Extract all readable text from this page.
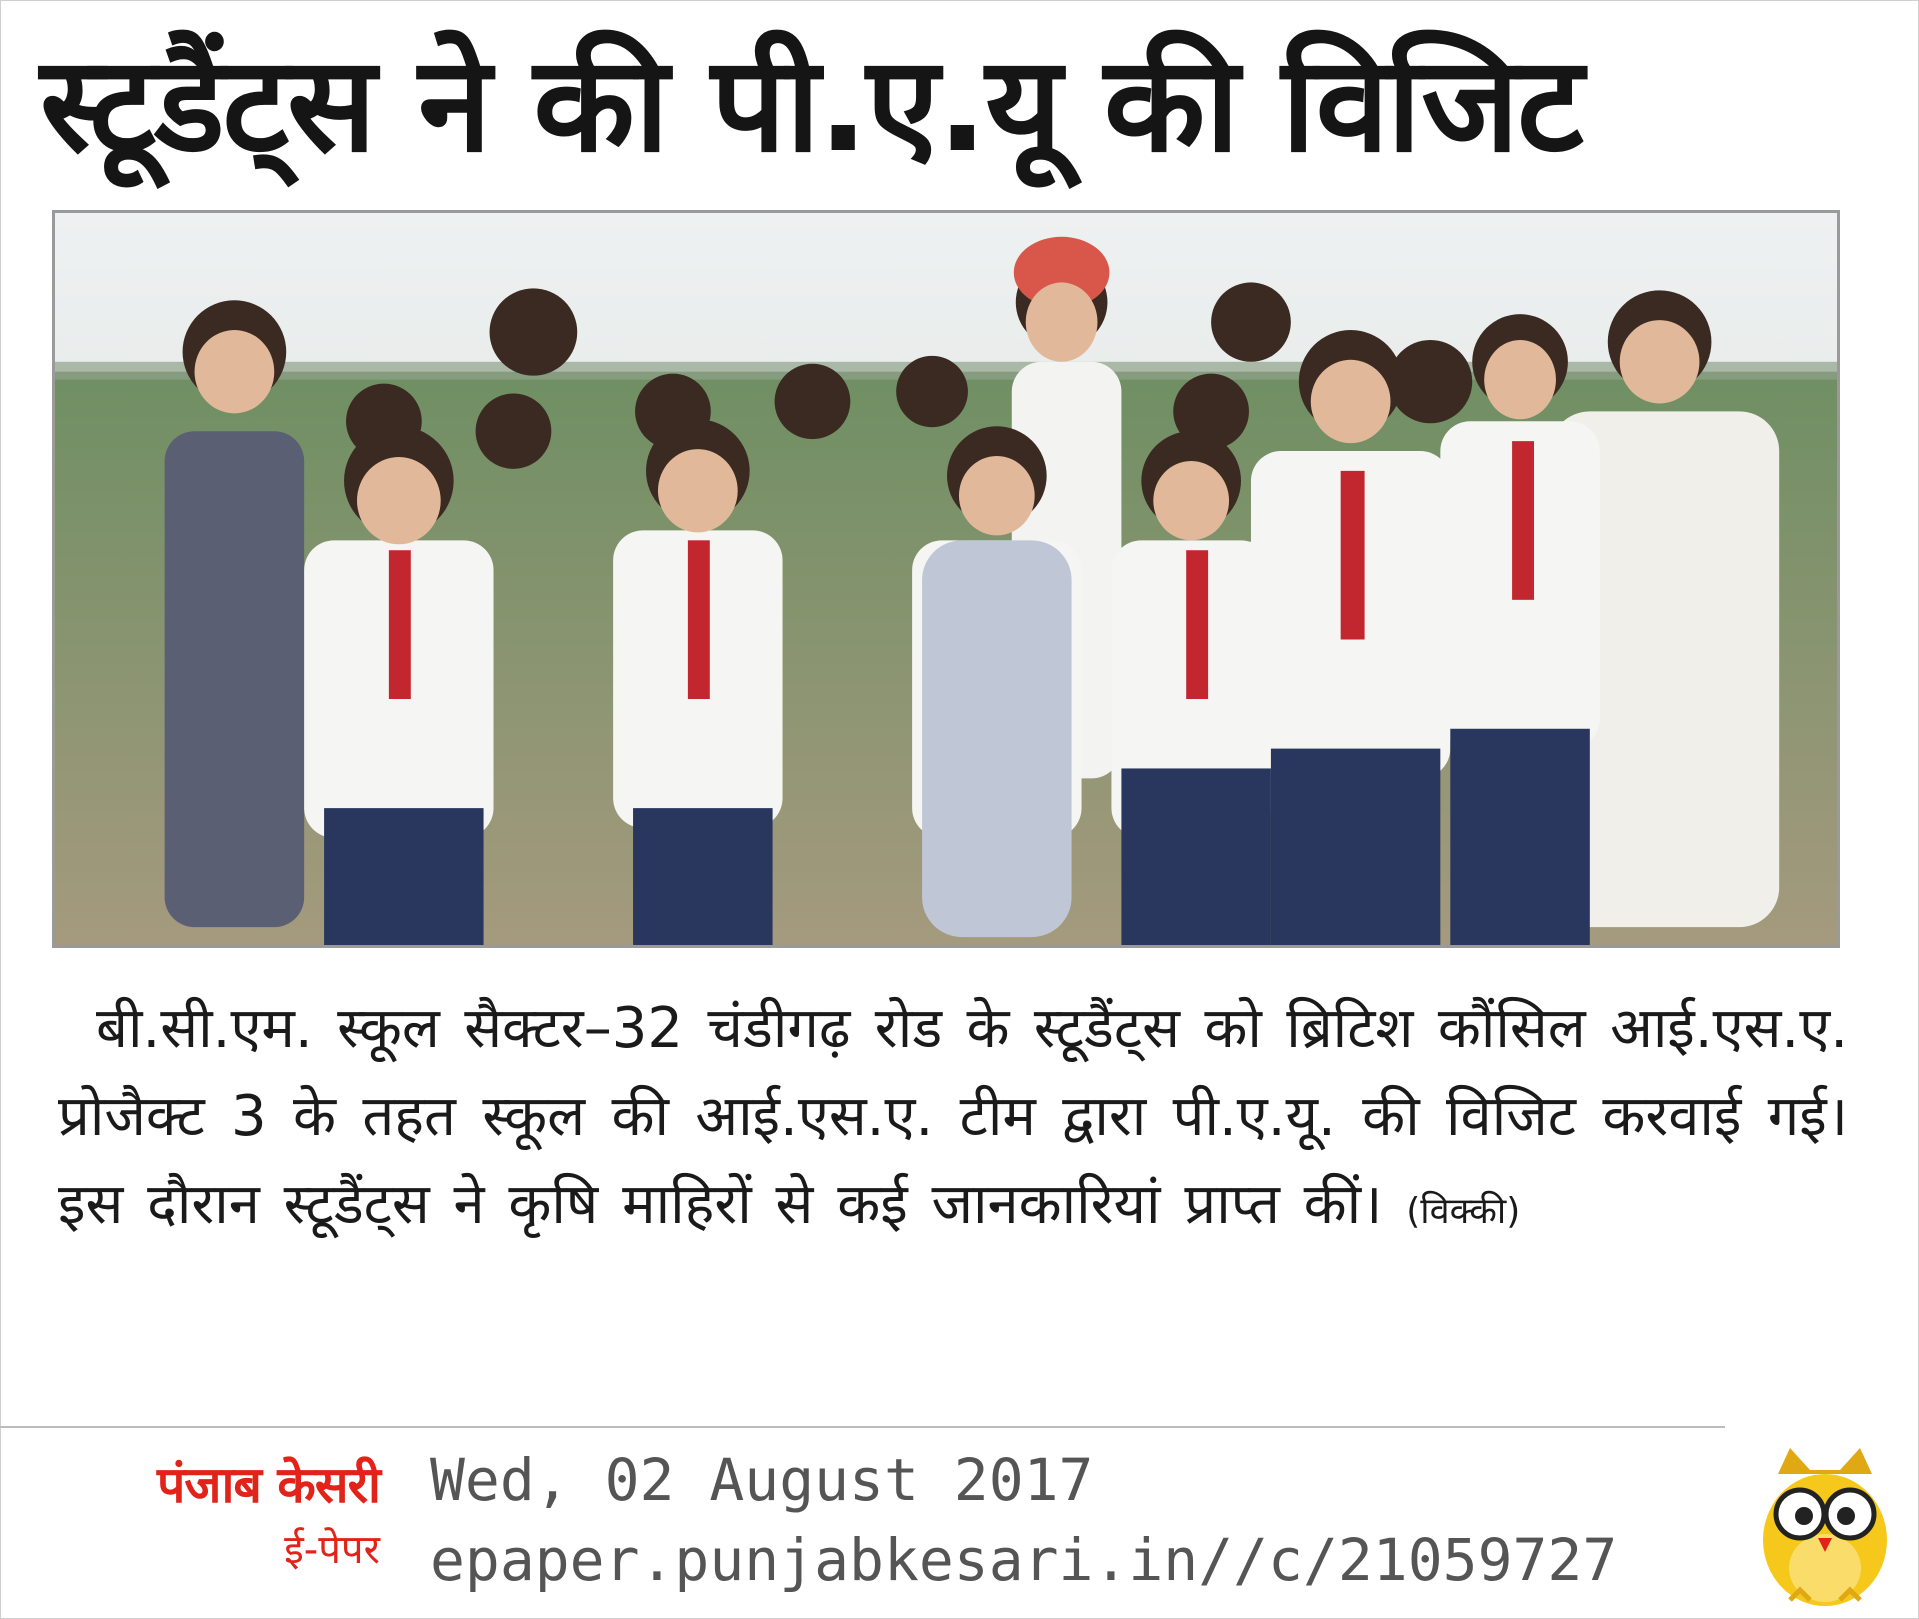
स्टूडैंट्स ने की पी.ए.यू की विजिट
बी.सी.एम. स्कूल सैक्टर–32 चंडीगढ़ रोड के स्टूडैंट्स को ब्रिटिश कौंसिल आई.एस.ए. प्रोजैक्ट 3 के तहत स्कूल की आई.एस.ए. टीम द्वारा पी.ए.यू. की विजिट करवाई गई। इस दौरान स्टूडैंट्स ने कृषि माहिरों से कई जानकारियां प्राप्त कीं। (विक्की)
पंजाब केसरी
ई-पेपर
Wed, 02 August 2017
epaper.punjabkesari.in//c/21059727
